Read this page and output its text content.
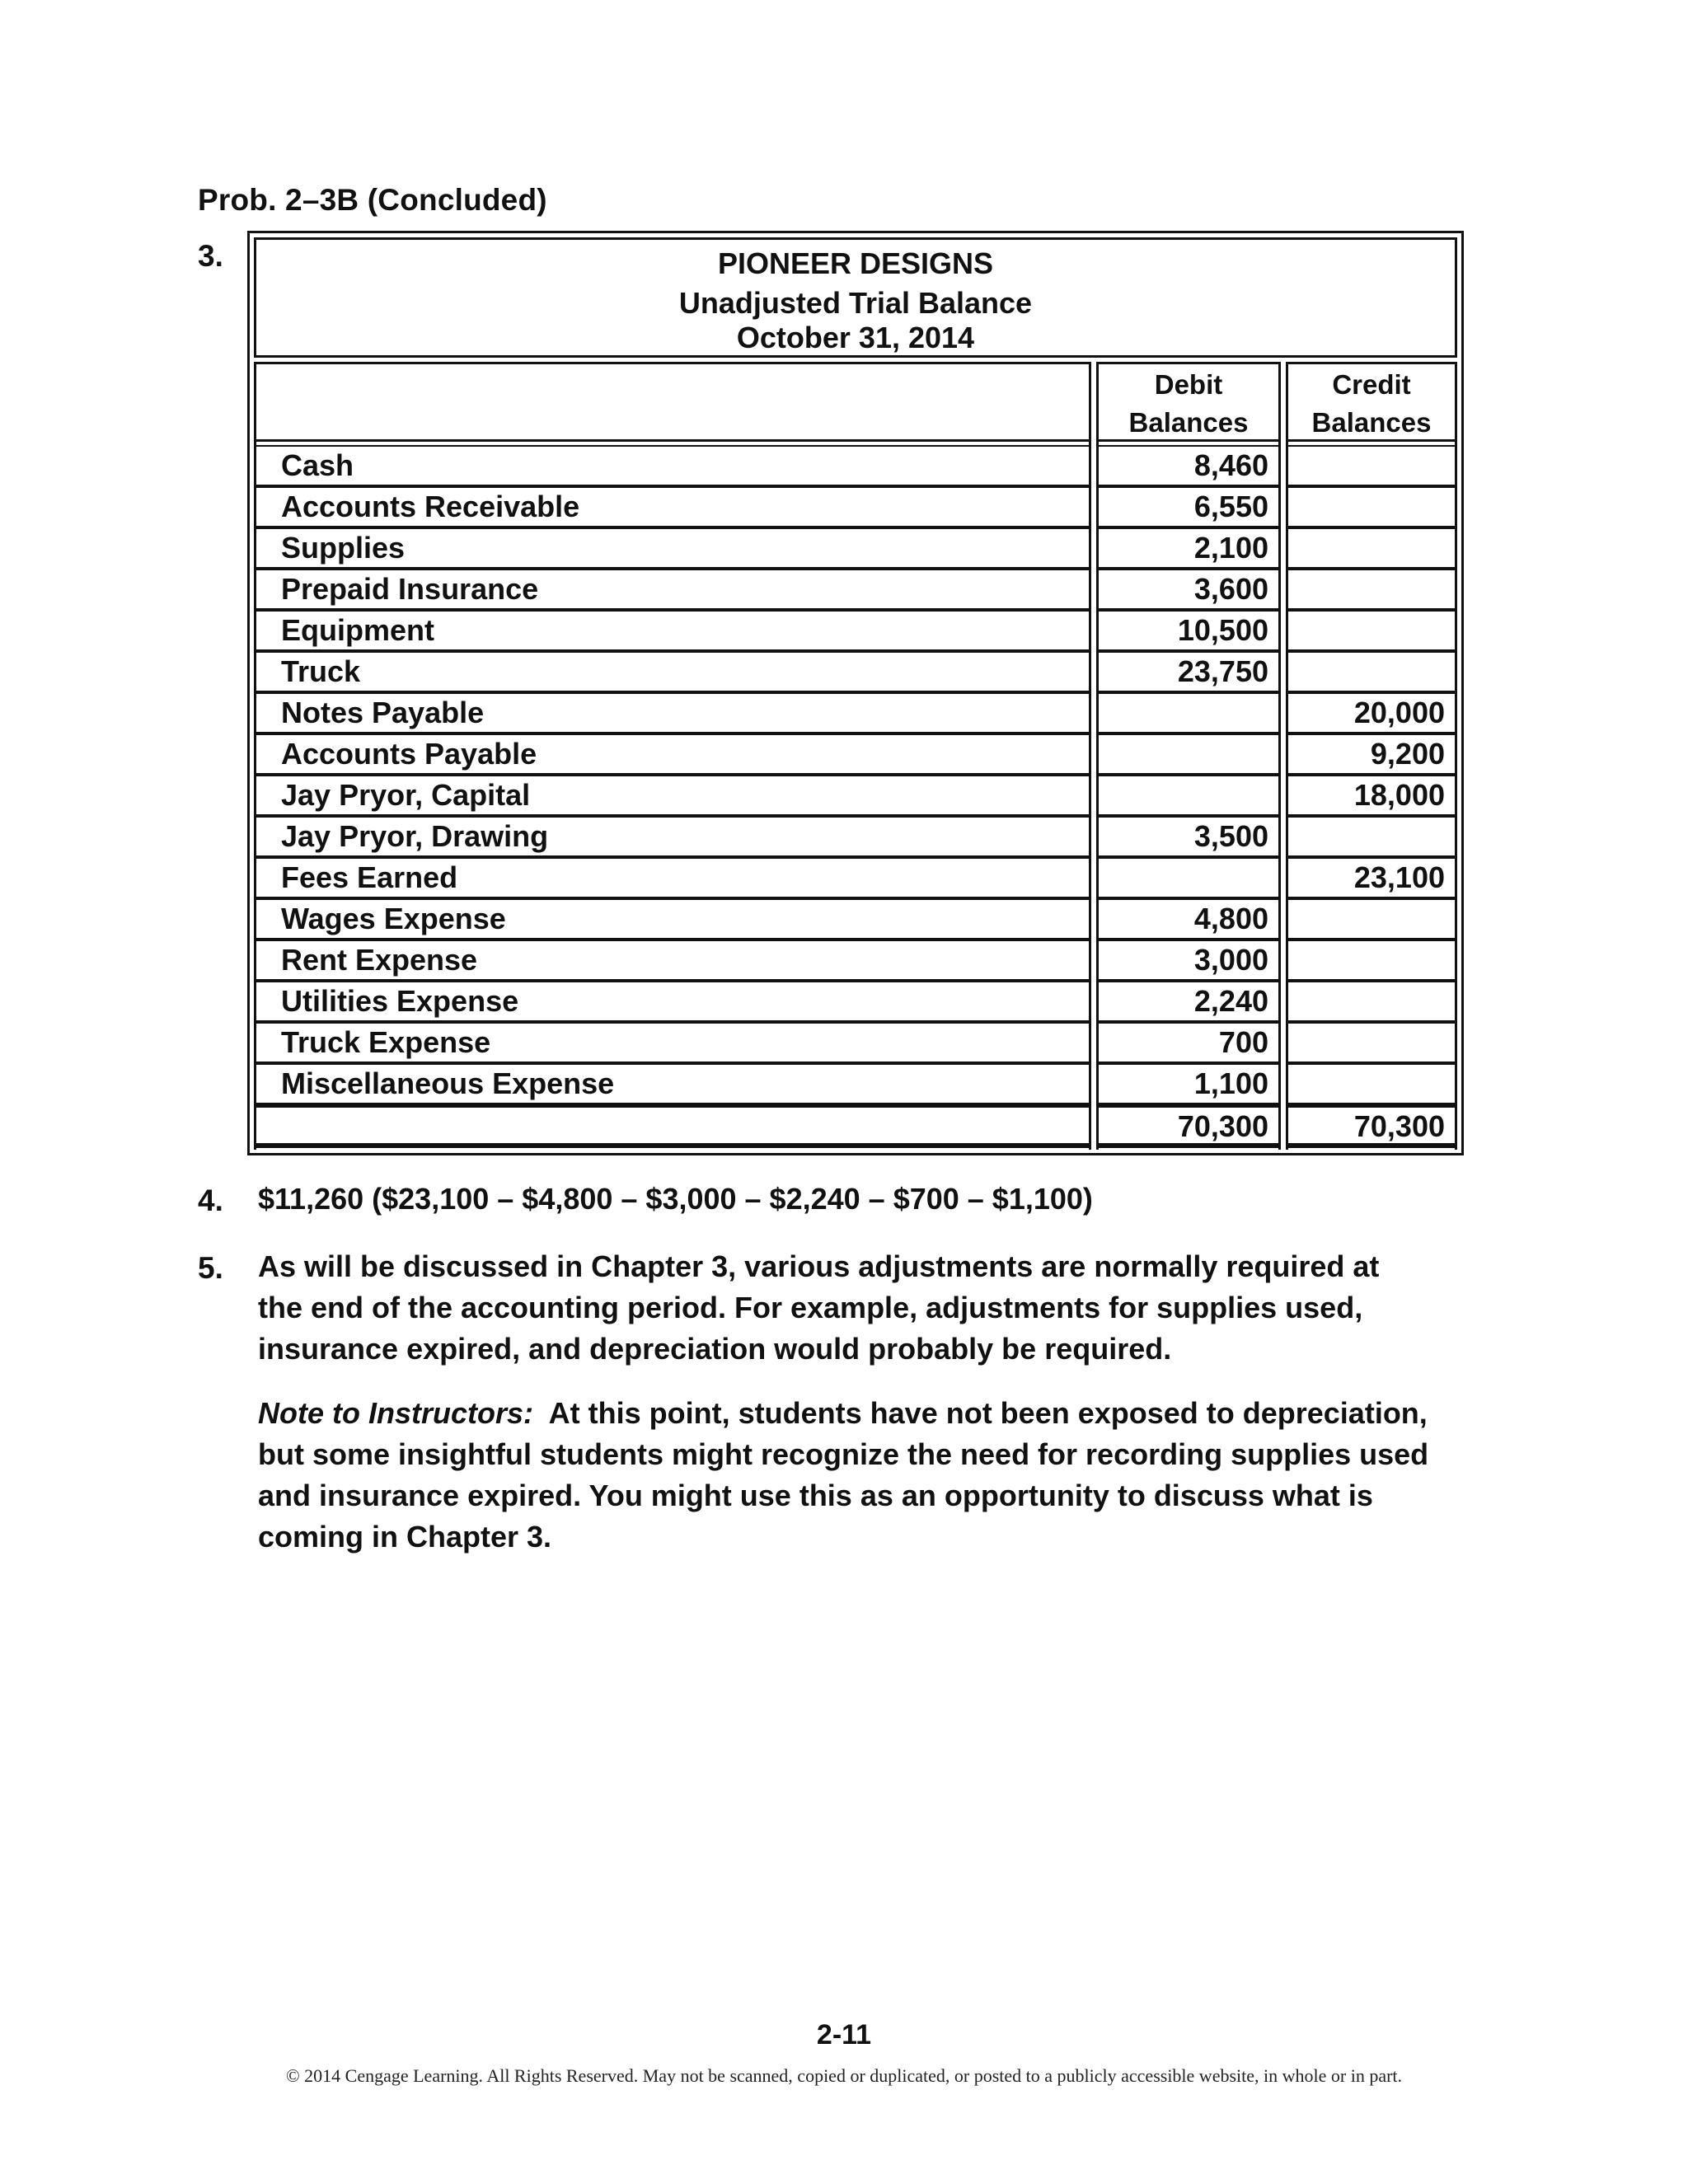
Prob. 2–3B (Concluded)
3.	PIONEER DESIGNS
Unadjusted Trial Balance
October 31, 2014
Cash
Accounts Receivable
Supplies
Prepaid Insurance
Equipment
Truck
Notes Payable
Accounts Payable
Jay Pryor, Capital
Jay Pryor, Drawing
Fees Earned
Wages Expense
Rent Expense
Utilities Expense
Truck Expense
Miscellaneous Expense
Debit
Balances
8,460
6,550
2,100
3,600
10,500
23,750
3,500
4,800
3,000
2,240
700
1,100
70,300
Credit
Balances
20,000
9,200
18,000
23,100
70,300
4. $11,260 ($23,100 – $4,800 – $3,000 – $2,240 – $700 – $1,100)
5. As will be discussed in Chapter 3, various adjustments are normally required at
the end of the accounting period. For example, adjustments for supplies used,
insurance expired, and depreciation would probably be required.
Note to Instructors:  At this point, students have not been exposed to depreciation,
but some insightful students might recognize the need for recording supplies used
and insurance expired. You might use this as an opportunity to discuss what is
coming in Chapter 3.
2-11
© 2014 Cengage Learning. All Rights Reserved. May not be scanned, copied or duplicated, or posted to a publicly accessible website, in whole or in part.
